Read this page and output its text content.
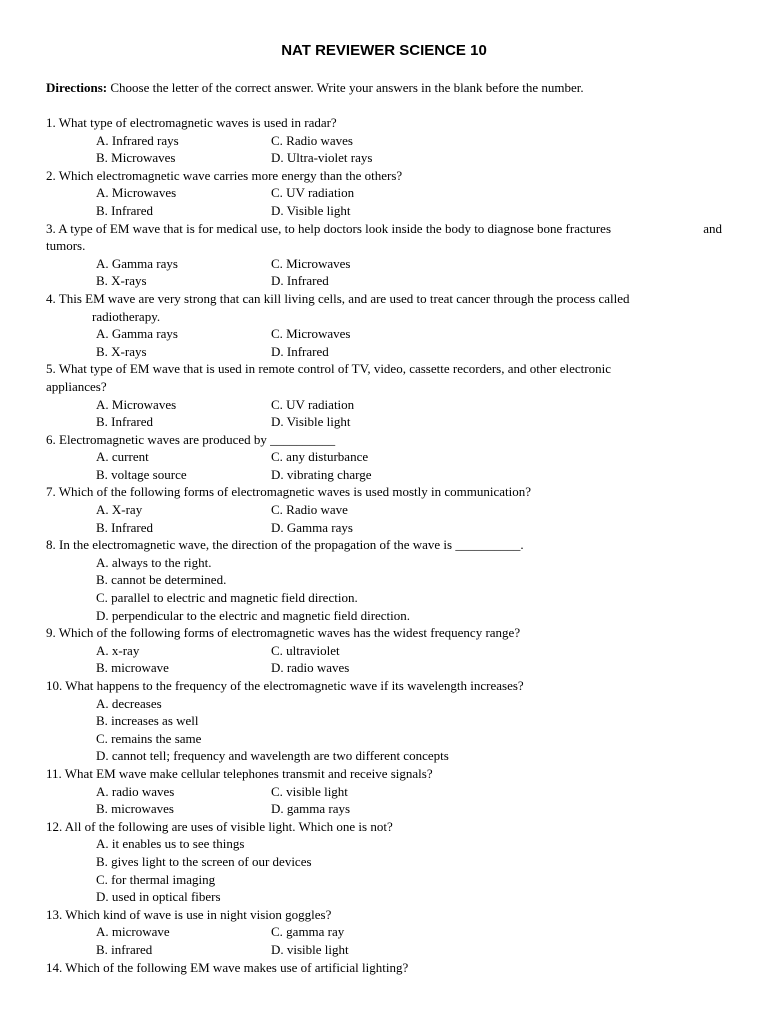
NAT REVIEWER SCIENCE 10
Directions: Choose the letter of the correct answer. Write your answers in the blank before the number.
1. What type of electromagnetic waves is used in radar?
A. Infrared rays	C. Radio waves
B. Microwaves	D. Ultra-violet rays
2. Which electromagnetic wave carries more energy than the others?
A. Microwaves	C. UV radiation
B. Infrared	D. Visible light
3. A type of EM wave that is for medical use, to help doctors look inside the body to diagnose bone fractures	and
tumors.
A. Gamma rays	C. Microwaves
B. X-rays	D. Infrared
4. This EM wave are very strong that can kill living cells, and are used to treat cancer through the process called
radiotherapy.
A. Gamma rays	C. Microwaves
B. X-rays	D. Infrared
5. What type of EM wave that is used in remote control of TV, video, cassette recorders, and other electronic
appliances?
A. Microwaves	C. UV radiation
B. Infrared	D. Visible light
6. Electromagnetic waves are produced by __________
A. current	C. any disturbance
B. voltage source	D. vibrating charge
7. Which of the following forms of electromagnetic waves is used mostly in communication?
A. X-ray	C. Radio wave
B. Infrared	D. Gamma rays
8. In the electromagnetic wave, the direction of the propagation of the wave is __________.
A. always to the right.
B. cannot be determined.
C. parallel to electric and magnetic field direction.
D. perpendicular to the electric and magnetic field direction.
9. Which of the following forms of electromagnetic waves has the widest frequency range?
A. x-ray	C. ultraviolet
B. microwave	D. radio waves
10. What happens to the frequency of the electromagnetic wave if its wavelength increases?
A. decreases
B. increases as well
C. remains the same
D. cannot tell; frequency and wavelength are two different concepts
11. What EM wave make cellular telephones transmit and receive signals?
A. radio waves	C. visible light
B. microwaves	D. gamma rays
12. All of the following are uses of visible light. Which one is not?
A. it enables us to see things
B. gives light to the screen of our devices
C. for thermal imaging
D. used in optical fibers
13. Which kind of wave is use in night vision goggles?
A. microwave	C. gamma ray
B. infrared	D. visible light
14. Which of the following EM wave makes use of artificial lighting?
